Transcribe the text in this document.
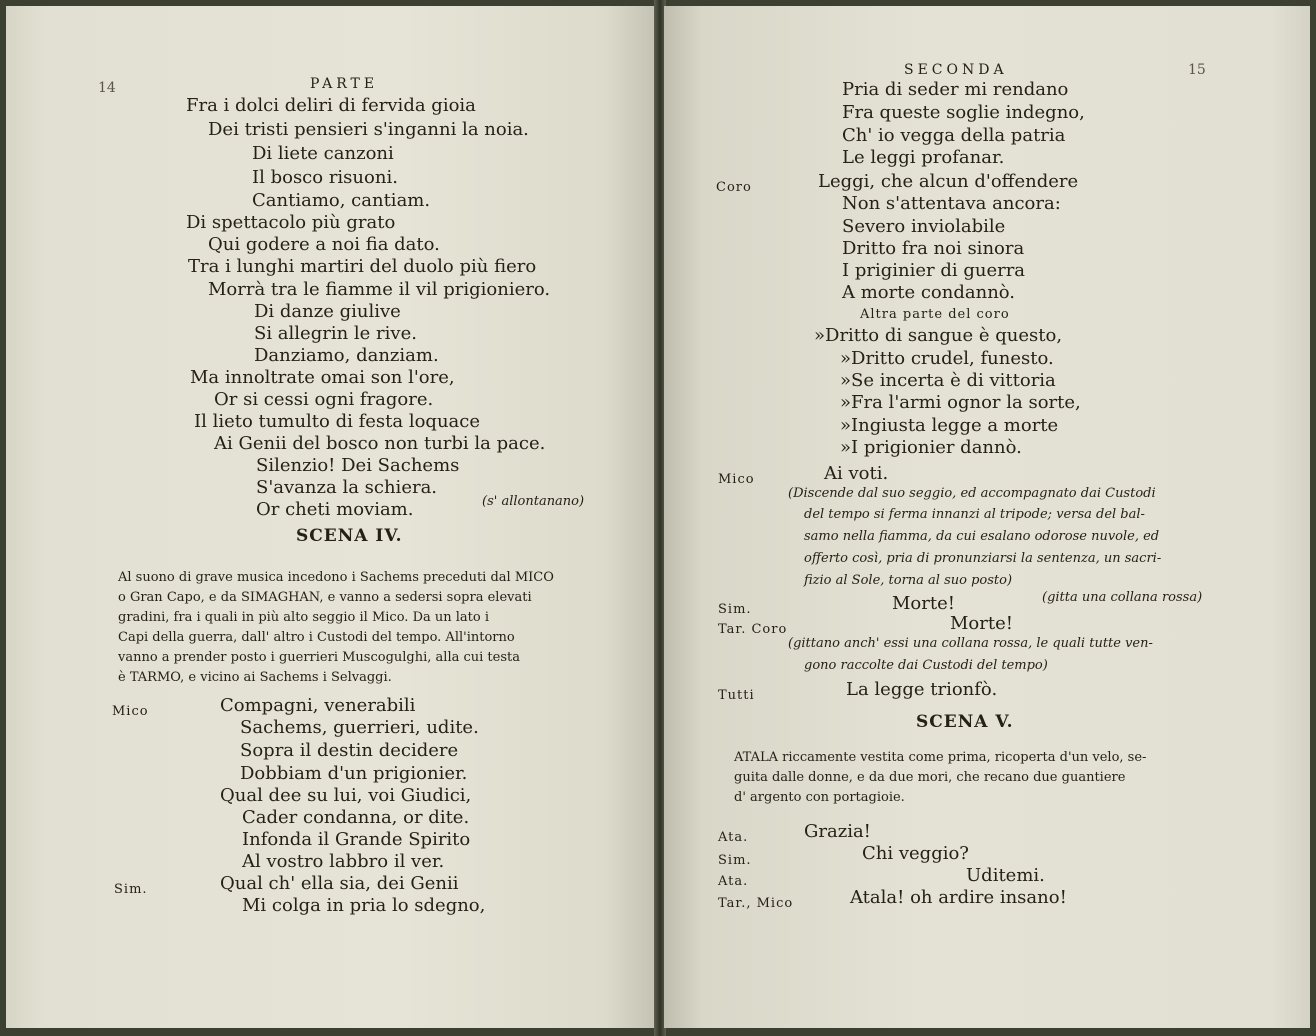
14	PARTE
Fra i dolci deliri di fervida gioia
Dei tristi pensieri s'inganni la noia.
Di liete canzoni
Il bosco risuoni.
Cantiamo, cantiam.
Di spettacolo più grato
Qui godere a noi fia dato.
Tra i lunghi martiri del duolo più fiero
Morrà tra le fiamme il vil prigioniero.
Di danze giulive
Si allegrin le rive.
Danziamo, danziam.
Ma innoltrate omai son l'ore,
Or si cessi ogni fragore.
Il lieto tumulto di festa loquace
Ai Genii del bosco non turbi la pace.
Silenzio! Dei Sachems
S'avanza la schiera.
Or cheti moviam.	(s' allontanano)
SCENA IV.
Al suono di grave musica incedono i Sachems preceduti dal MICO
o Gran Capo, e da SIMAGHAN, e vanno a sedersi sopra elevati
gradini, fra i quali in più alto seggio il Mico. Da un lato i
Capi della guerra, dall' altro i Custodi del tempo. All'intorno
vanno a prender posto i guerrieri Muscogulghi, alla cui testa
è TARMO, e vicino ai Sachems i Selvaggi.
Mico	Compagni, venerabili
Sachems, guerrieri, udite.
Sopra il destin decidere
Dobbiam d'un prigionier.
Qual dee su lui, voi Giudici,
Cader condanna, or dite.
Infonda il Grande Spirito
Al vostro labbro il ver.
Sim.	Qual ch' ella sia, dei Genii
Mi colga in pria lo sdegno,
SECONDA	15
Pria di seder mi rendano
Fra queste soglie indegno,
Ch' io vegga della patria
Le leggi profanar.
Coro	Leggi, che alcun d'offendere
Non s'attentava ancora:
Severo inviolabile
Dritto fra noi sinora
I priginier di guerra
A morte condannò.
Altra parte del coro
»Dritto di sangue è questo,
»Dritto crudel, funesto.
»Se incerta è di vittoria
»Fra l'armi ognor la sorte,
»Ingiusta legge a morte
»I prigionier dannò.
Mico	Ai voti.
(Discende dal suo seggio, ed accompagnato dai Custodi
del tempo si ferma innanzi al tripode; versa del bal-
samo nella fiamma, da cui esalano odorose nuvole, ed
offerto così, pria di pronunziarsi la sentenza, un sacri-
fizio al Sole, torna al suo posto)
Sim.	Morte!	(gitta una collana rossa)
Tar. Coro	Morte!
(gittano anch' essi una collana rossa, le quali tutte ven-
gono raccolte dai Custodi del tempo)
Tutti	La legge trionfò.
SCENA V.
ATALA riccamente vestita come prima, ricoperta d'un velo, se-
guita dalle donne, e da due mori, che recano due guantiere
d' argento con portagioie.
Ata.	Grazia!
Sim.	Chi veggio?
Ata.	Uditemi.
Tar., Mico	Atala! oh ardire insano!
